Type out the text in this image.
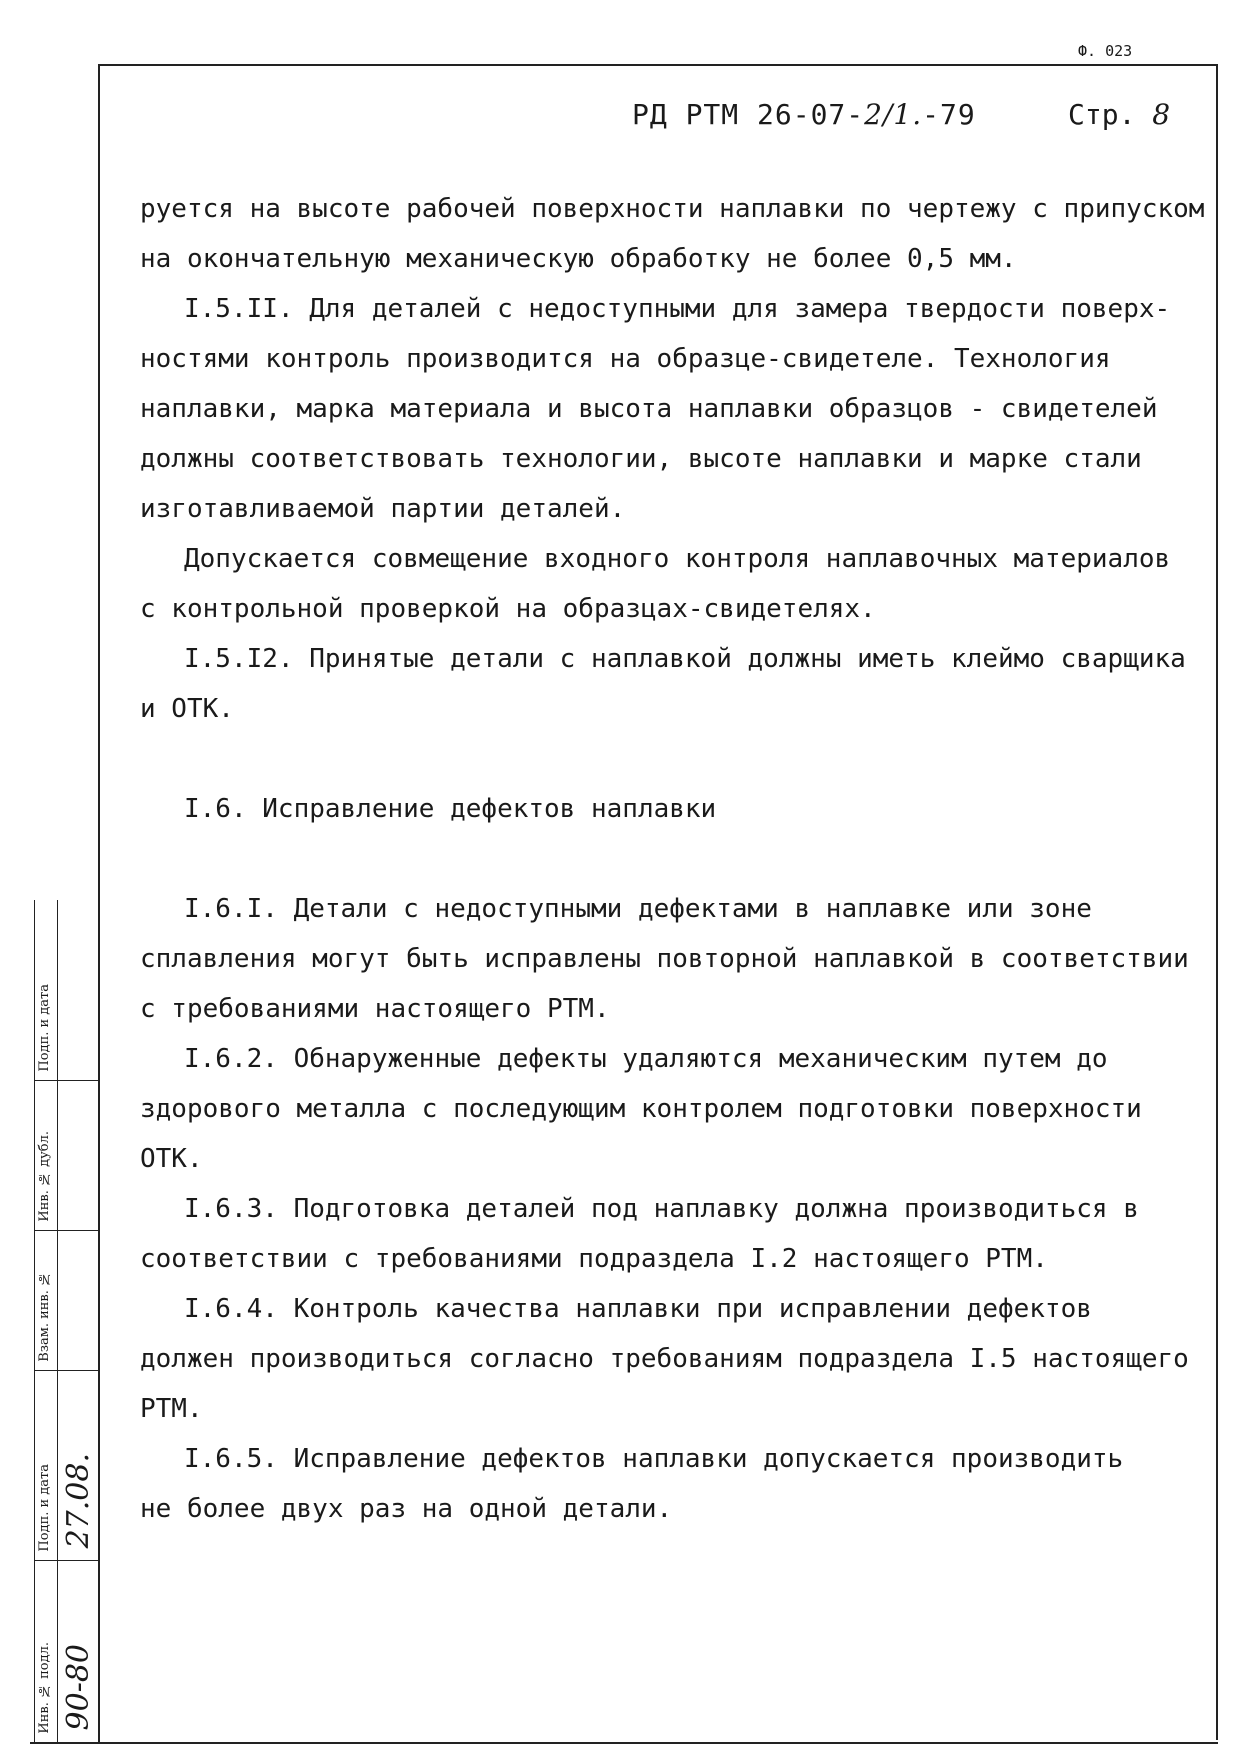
Ф. 023
РД РТМ 26-07-2/1.-79	Стр. 8
руется на высоте рабочей поверхности наплавки по чертежу с припуском
на окончательную механическую обработку не более 0,5 мм.
I.5.II. Для деталей с недоступными для замера твердости поверх-
ностями контроль производится на образце-свидетеле. Технология
наплавки, марка материала и высота наплавки образцов - свидетелей
должны соответствовать технологии, высоте наплавки и марке стали
изготавливаемой партии деталей.
Допускается совмещение входного контроля наплавочных материалов
с контрольной проверкой на образцах-свидетелях.
I.5.I2. Принятые детали с наплавкой должны иметь клеймо сварщика
и ОТК.
I.6. Исправление дефектов наплавки
I.6.I. Детали с недоступными дефектами в наплавке или зоне
сплавления могут быть исправлены повторной наплавкой в соответствии
с требованиями настоящего РТМ.
I.6.2. Обнаруженные дефекты удаляются механическим путем до
здорового металла с последующим контролем подготовки поверхности
ОТК.
I.6.3. Подготовка деталей под наплавку должна производиться в
соответствии с требованиями подраздела I.2 настоящего РТМ.
I.6.4. Контроль качества наплавки при исправлении дефектов
должен производиться согласно требованиям подраздела I.5 настоящего
РТМ.
I.6.5. Исправление дефектов наплавки допускается производить
не более двух раз на одной детали.
Подп. и дата
Инв. № дубл.
Взам. инв. №
Подп. и дата 27.08.
Инв. № подл. 90-80
